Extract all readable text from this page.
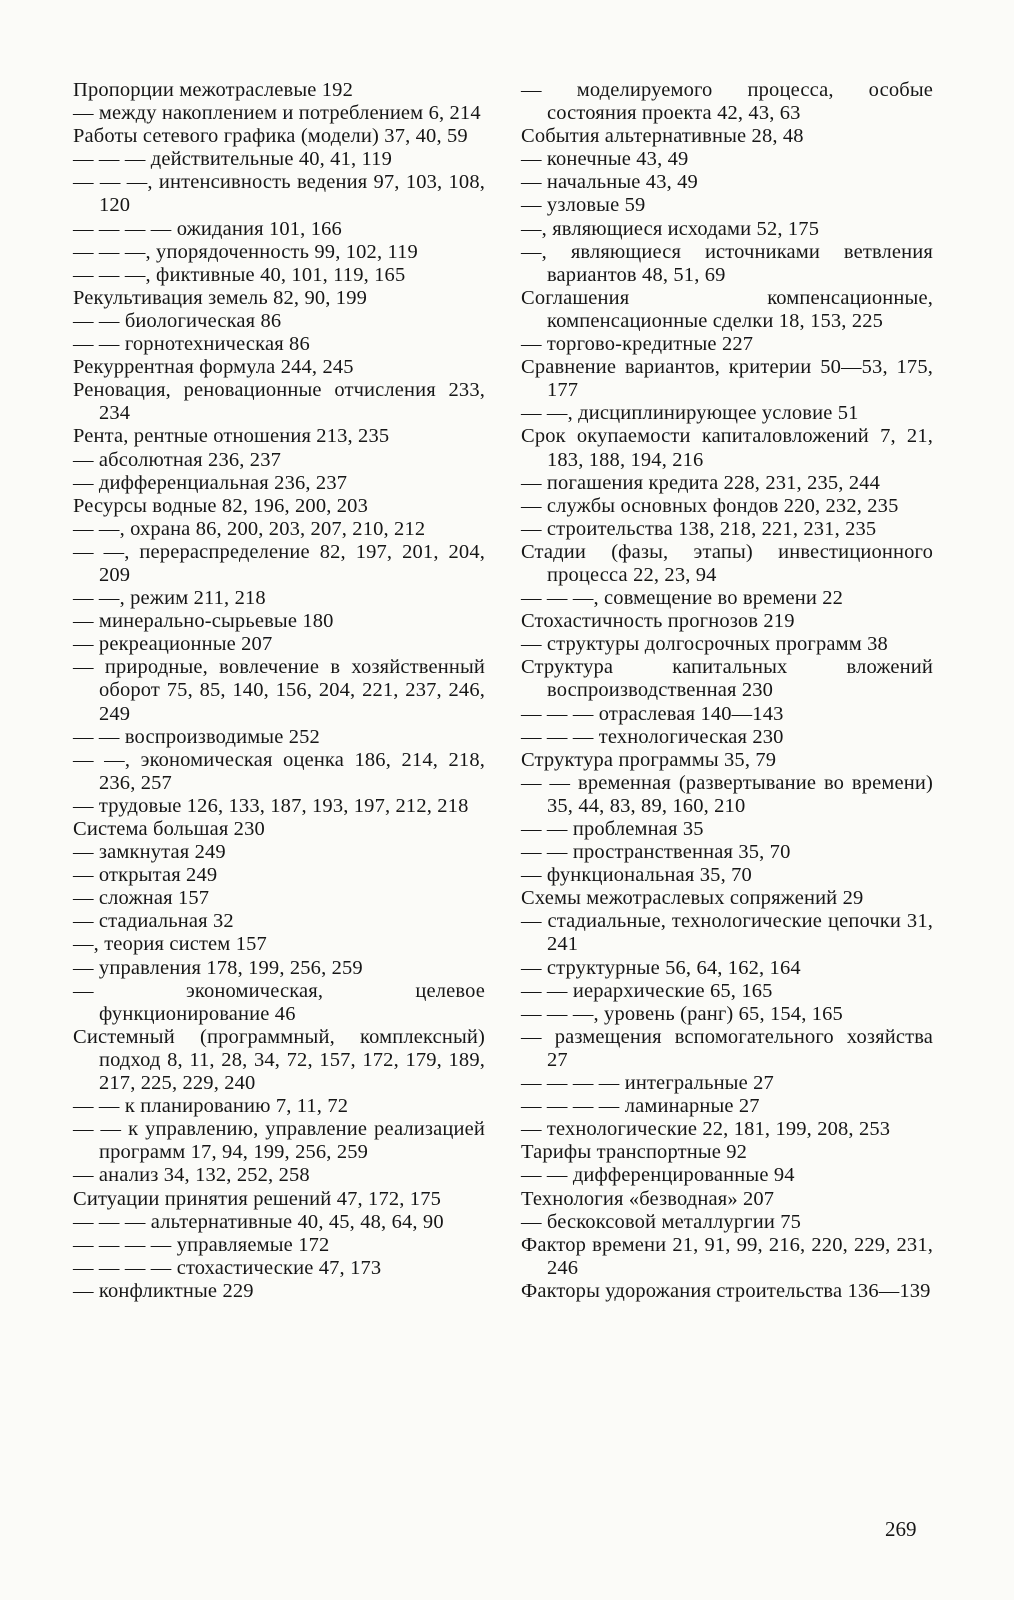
Пропорции межотраслевые 192
— между накоплением и потреблением 6, 214
Работы сетевого графика (модели) 37, 40, 59
— — — действительные 40, 41, 119
— — —, интенсивность ведения 97, 103, 108, 120
— — — — ожидания 101, 166
— — —, упорядоченность 99, 102, 119
— — —, фиктивные 40, 101, 119, 165
Рекультивация земель 82, 90, 199
— — биологическая 86
— — горнотехническая 86
Рекуррентная формула 244, 245
Реновация, реновационные отчисления 233, 234
Рента, рентные отношения 213, 235
— абсолютная 236, 237
— дифференциальная 236, 237
Ресурсы водные 82, 196, 200, 203
— —, охрана 86, 200, 203, 207, 210, 212
— —, перераспределение 82, 197, 201, 204, 209
— —, режим 211, 218
— минерально-сырьевые 180
— рекреационные 207
— природные, вовлечение в хозяйственный оборот 75, 85, 140, 156, 204, 221, 237, 246, 249
— — воспроизводимые 252
— —, экономическая оценка 186, 214, 218, 236, 257
— трудовые 126, 133, 187, 193, 197, 212, 218
Система большая 230
— замкнутая 249
— открытая 249
— сложная 157
— стадиальная 32
—, теория систем 157
— управления 178, 199, 256, 259
— экономическая, целевое функционирование 46
Системный (программный, комплексный) подход 8, 11, 28, 34, 72, 157, 172, 179, 189, 217, 225, 229, 240
— — к планированию 7, 11, 72
— — к управлению, управление реализацией программ 17, 94, 199, 256, 259
— анализ 34, 132, 252, 258
Ситуации принятия решений 47, 172, 175
— — — альтернативные 40, 45, 48, 64, 90
— — — — управляемые 172
— — — — стохастические 47, 173
— конфликтные 229
— моделируемого процесса, особые состояния проекта 42, 43, 63
События альтернативные 28, 48
— конечные 43, 49
— начальные 43, 49
— узловые 59
—, являющиеся исходами 52, 175
—, являющиеся источниками ветвления вариантов 48, 51, 69
Соглашения компенсационные, компенсационные сделки 18, 153, 225
— торгово-кредитные 227
Сравнение вариантов, критерии 50—53, 175, 177
— —, дисциплинирующее условие 51
Срок окупаемости капиталовложений 7, 21, 183, 188, 194, 216
— погашения кредита 228, 231, 235, 244
— службы основных фондов 220, 232, 235
— строительства 138, 218, 221, 231, 235
Стадии (фазы, этапы) инвестиционного процесса 22, 23, 94
— — —, совмещение во времени 22
Стохастичность прогнозов 219
— структуры долгосрочных программ 38
Структура капитальных вложений воспроизводственная 230
— — — отраслевая 140—143
— — — технологическая 230
Структура программы 35, 79
— — временная (развертывание во времени) 35, 44, 83, 89, 160, 210
— — проблемная 35
— — пространственная 35, 70
— функциональная 35, 70
Схемы межотраслевых сопряжений 29
— стадиальные, технологические цепочки 31, 241
— структурные 56, 64, 162, 164
— — иерархические 65, 165
— — —, уровень (ранг) 65, 154, 165
— размещения вспомогательного хозяйства 27
— — — — интегральные 27
— — — — ламинарные 27
— технологические 22, 181, 199, 208, 253
Тарифы транспортные 92
— — дифференцированные 94
Технология «безводная» 207
— бескоксовой металлургии 75
Фактор времени 21, 91, 99, 216, 220, 229, 231, 246
Факторы удорожания строительства 136—139
269
